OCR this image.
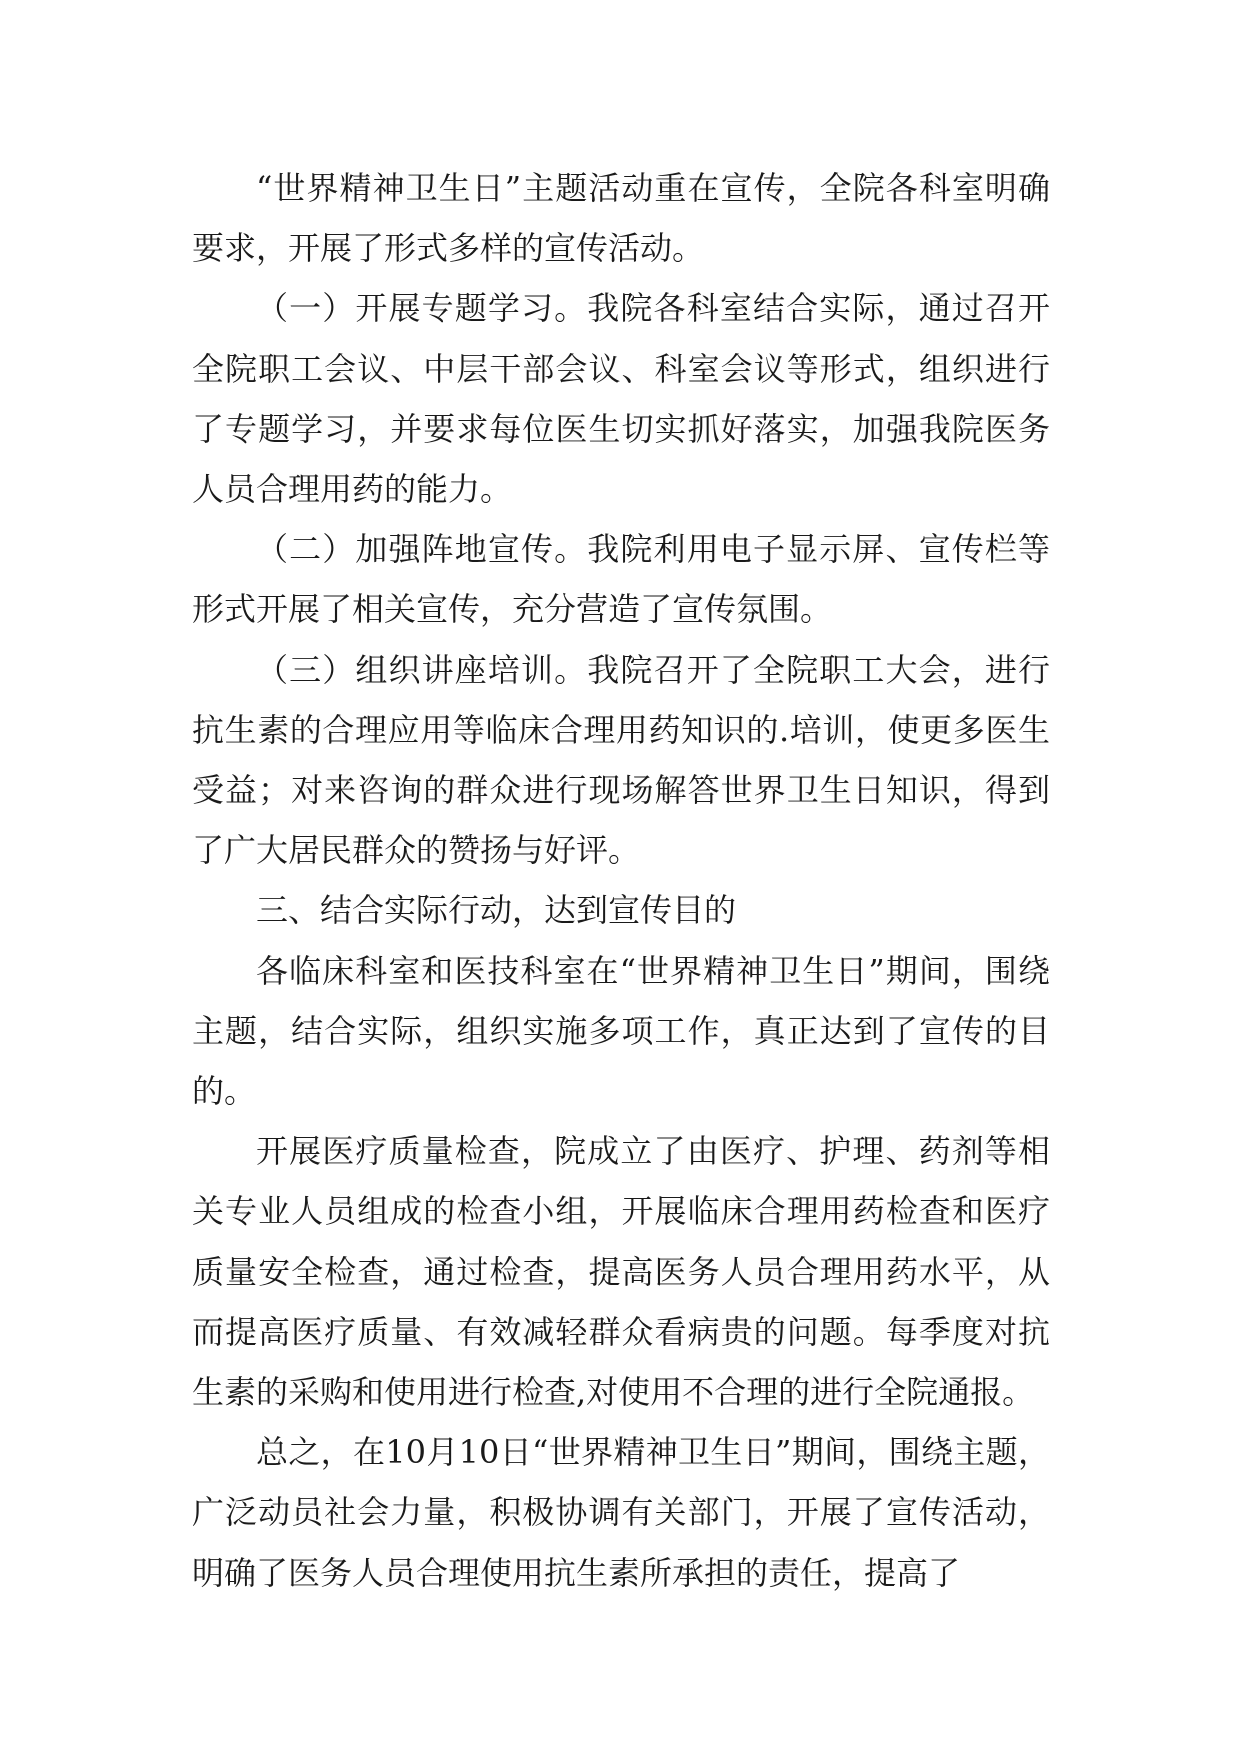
“世界精神卫生日”主题活动重在宣传，全院各科室明确要求，开展了形式多样的宣传活动。

（一）开展专题学习。我院各科室结合实际，通过召开全院职工会议、中层干部会议、科室会议等形式，组织进行了专题学习，并要求每位医生切实抓好落实，加强我院医务人员合理用药的能力。

（二）加强阵地宣传。我院利用电子显示屏、宣传栏等形式开展了相关宣传，充分营造了宣传氛围。

（三）组织讲座培训。我院召开了全院职工大会，进行抗生素的合理应用等临床合理用药知识的.培训，使更多医生受益；对来咨询的群众进行现场解答世界卫生日知识，得到了广大居民群众的赞扬与好评。

三、结合实际行动，达到宣传目的

各临床科室和医技科室在“世界精神卫生日”期间，围绕主题，结合实际，组织实施多项工作，真正达到了宣传的目的。

开展医疗质量检查，院成立了由医疗、护理、药剂等相关专业人员组成的检查小组，开展临床合理用药检查和医疗质量安全检查，通过检查，提高医务人员合理用药水平，从而提高医疗质量、有效减轻群众看病贵的问题。每季度对抗生素的采购和使用进行检查,对使用不合理的进行全院通报。

总之，在10月10日“世界精神卫生日”期间，围绕主题，广泛动员社会力量，积极协调有关部门，开展了宣传活动，明确了医务人员合理使用抗生素所承担的责任，提高了
